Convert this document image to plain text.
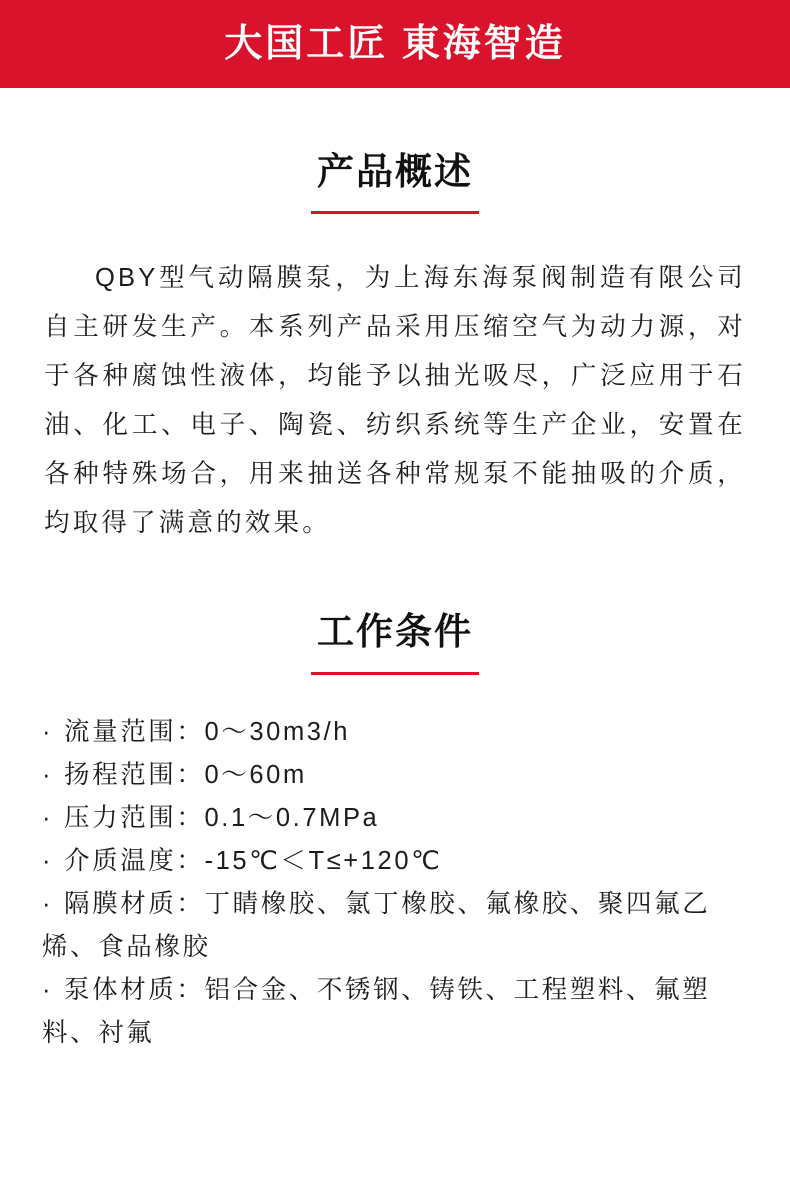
大国工匠 東海智造
产品概述

QBY型气动隔膜泵，为上海东海泵阀制造有限公司自主研发生产。本系列产品采用压缩空气为动力源，对于各种腐蚀性液体，均能予以抽光吸尽，广泛应用于石油、化工、电子、陶瓷、纺织系统等生产企业，安置在各种特殊场合，用来抽送各种常规泵不能抽吸的介质，均取得了满意的效果。

工作条件
· 流量范围：0～30m3/h
· 扬程范围：0～60m
· 压力范围：0.1～0.7MPa
· 介质温度：-15℃＜T≤+120℃
· 隔膜材质：丁睛橡胶、氯丁橡胶、氟橡胶、聚四氟乙烯、食品橡胶
· 泵体材质：铝合金、不锈钢、铸铁、工程塑料、氟塑料、衬氟
